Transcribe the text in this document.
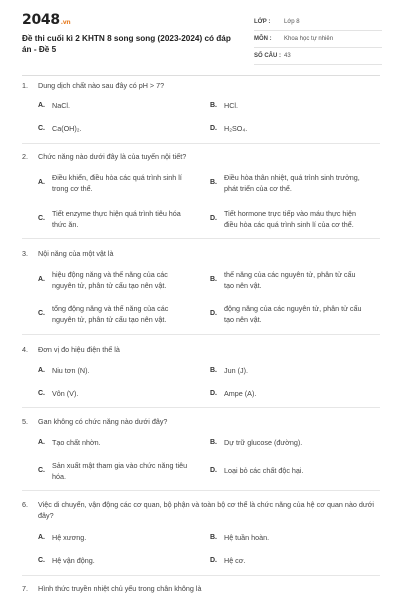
2048.vn
Đề thi cuối kì 2 KHTN 8 song song (2023-2024) có đáp án - Đề 5
LỚP :	Lớp 8
MÔN :	Khoa học tự nhiên
SỐ CÂU : 43
1. Dung dịch chất nào sau đây có pH > 7?
A. NaCl.	B. HCl.
C. Ca(OH)₂.	D. H₂SO₄.
2. Chức năng nào dưới đây là của tuyến nội tiết?
A.
Điều khiển, điều hòa các quá trình sinh lí trong cơ thể.
B.
Điều hòa thân nhiệt, quá trình sinh trưởng, phát triển của cơ thể.
C.
Tiết enzyme thực hiện quá trình tiêu hóa thức ăn.
D.
Tiết hormone trực tiếp vào máu thực hiện điều hòa các quá trình sinh lí của cơ thể.
3. Nội năng của một vật là
A.
hiệu động năng và thế năng của các nguyên tử, phân tử cấu tạo nên vật.
B.
thế năng của các nguyên tử, phân tử cấu tạo nên vật.
C.
tổng động năng và thế năng của các nguyên tử, phân tử cấu tạo nên vật.
D.
động năng của các nguyên tử, phân tử cấu tạo nên vật.
4. Đơn vị đo hiệu điện thế là
A. Niu tơn (N).	B. Jun (J).
C. Vôn (V).	D. Ampe (A).
5. Gan không có chức năng nào dưới đây?
A. Tạo chất nhờn.	B. Dự trữ glucose (đường).
C.
Sản xuất mật tham gia vào chức năng tiêu hóa.
D. Loại bỏ các chất độc hại.
6.	Việc di chuyển, vận động các cơ quan, bộ phận và toàn bộ cơ thể là chức năng của hệ cơ quan nào dưới đây?
A. Hệ xương.	B. Hệ tuần hoàn.
C. Hệ vận động.	D. Hệ cơ.
7. Hình thức truyền nhiệt chủ yếu trong chân không là
